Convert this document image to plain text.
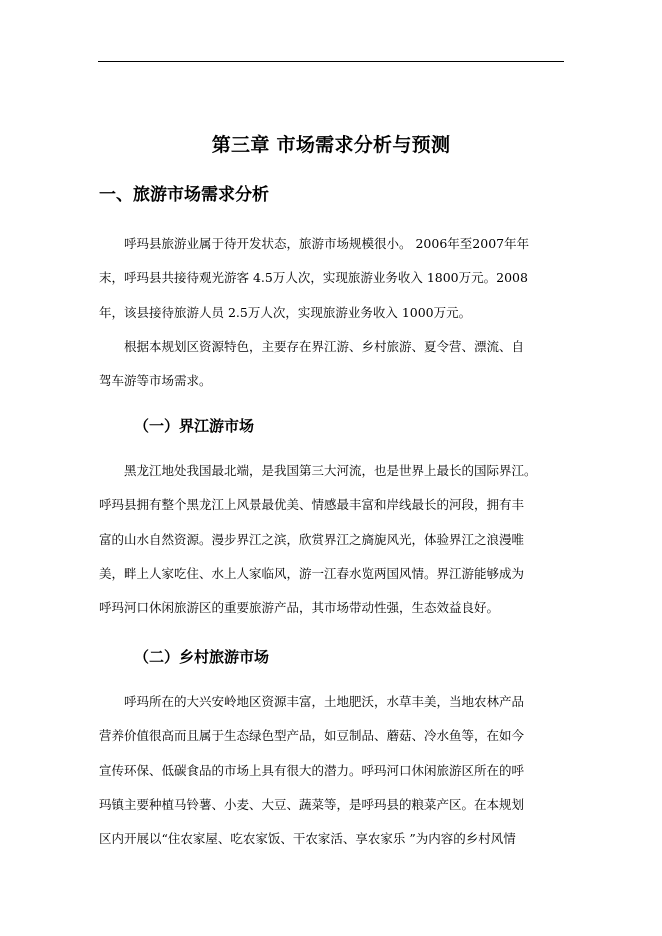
第三章 市场需求分析与预测
一、旅游市场需求分析
呼玛县旅游业属于待开发状态，旅游市场规模很小。 2006年至2007年年
末，呼玛县共接待观光游客 4.5万人次，实现旅游业务收入 1800万元。2008
年，该县接待旅游人员 2.5万人次，实现旅游业务收入 1000万元。
根据本规划区资源特色，主要存在界江游、乡村旅游、夏令营、漂流、自
驾车游等市场需求。
（一）界江游市场
黑龙江地处我国最北端，是我国第三大河流，也是世界上最长的国际界江。
呼玛县拥有整个黑龙江上风景最优美、情感最丰富和岸线最长的河段，拥有丰
富的山水自然资源。漫步界江之滨，欣赏界江之旖旎风光，体验界江之浪漫唯
美，畔上人家吃住、水上人家临风，游一江春水览两国风情。界江游能够成为
呼玛河口休闲旅游区的重要旅游产品，其市场带动性强，生态效益良好。
（二）乡村旅游市场
呼玛所在的大兴安岭地区资源丰富，土地肥沃，水草丰美，当地农林产品
营养价值很高而且属于生态绿色型产品，如豆制品、蘑菇、冷水鱼等，在如今
宣传环保、低碳食品的市场上具有很大的潜力。呼玛河口休闲旅游区所在的呼
玛镇主要种植马铃薯、小麦、大豆、蔬菜等，是呼玛县的粮菜产区。在本规划
区内开展以“住农家屋、吃农家饭、干农家活、享农家乐 ”为内容的乡村风情
